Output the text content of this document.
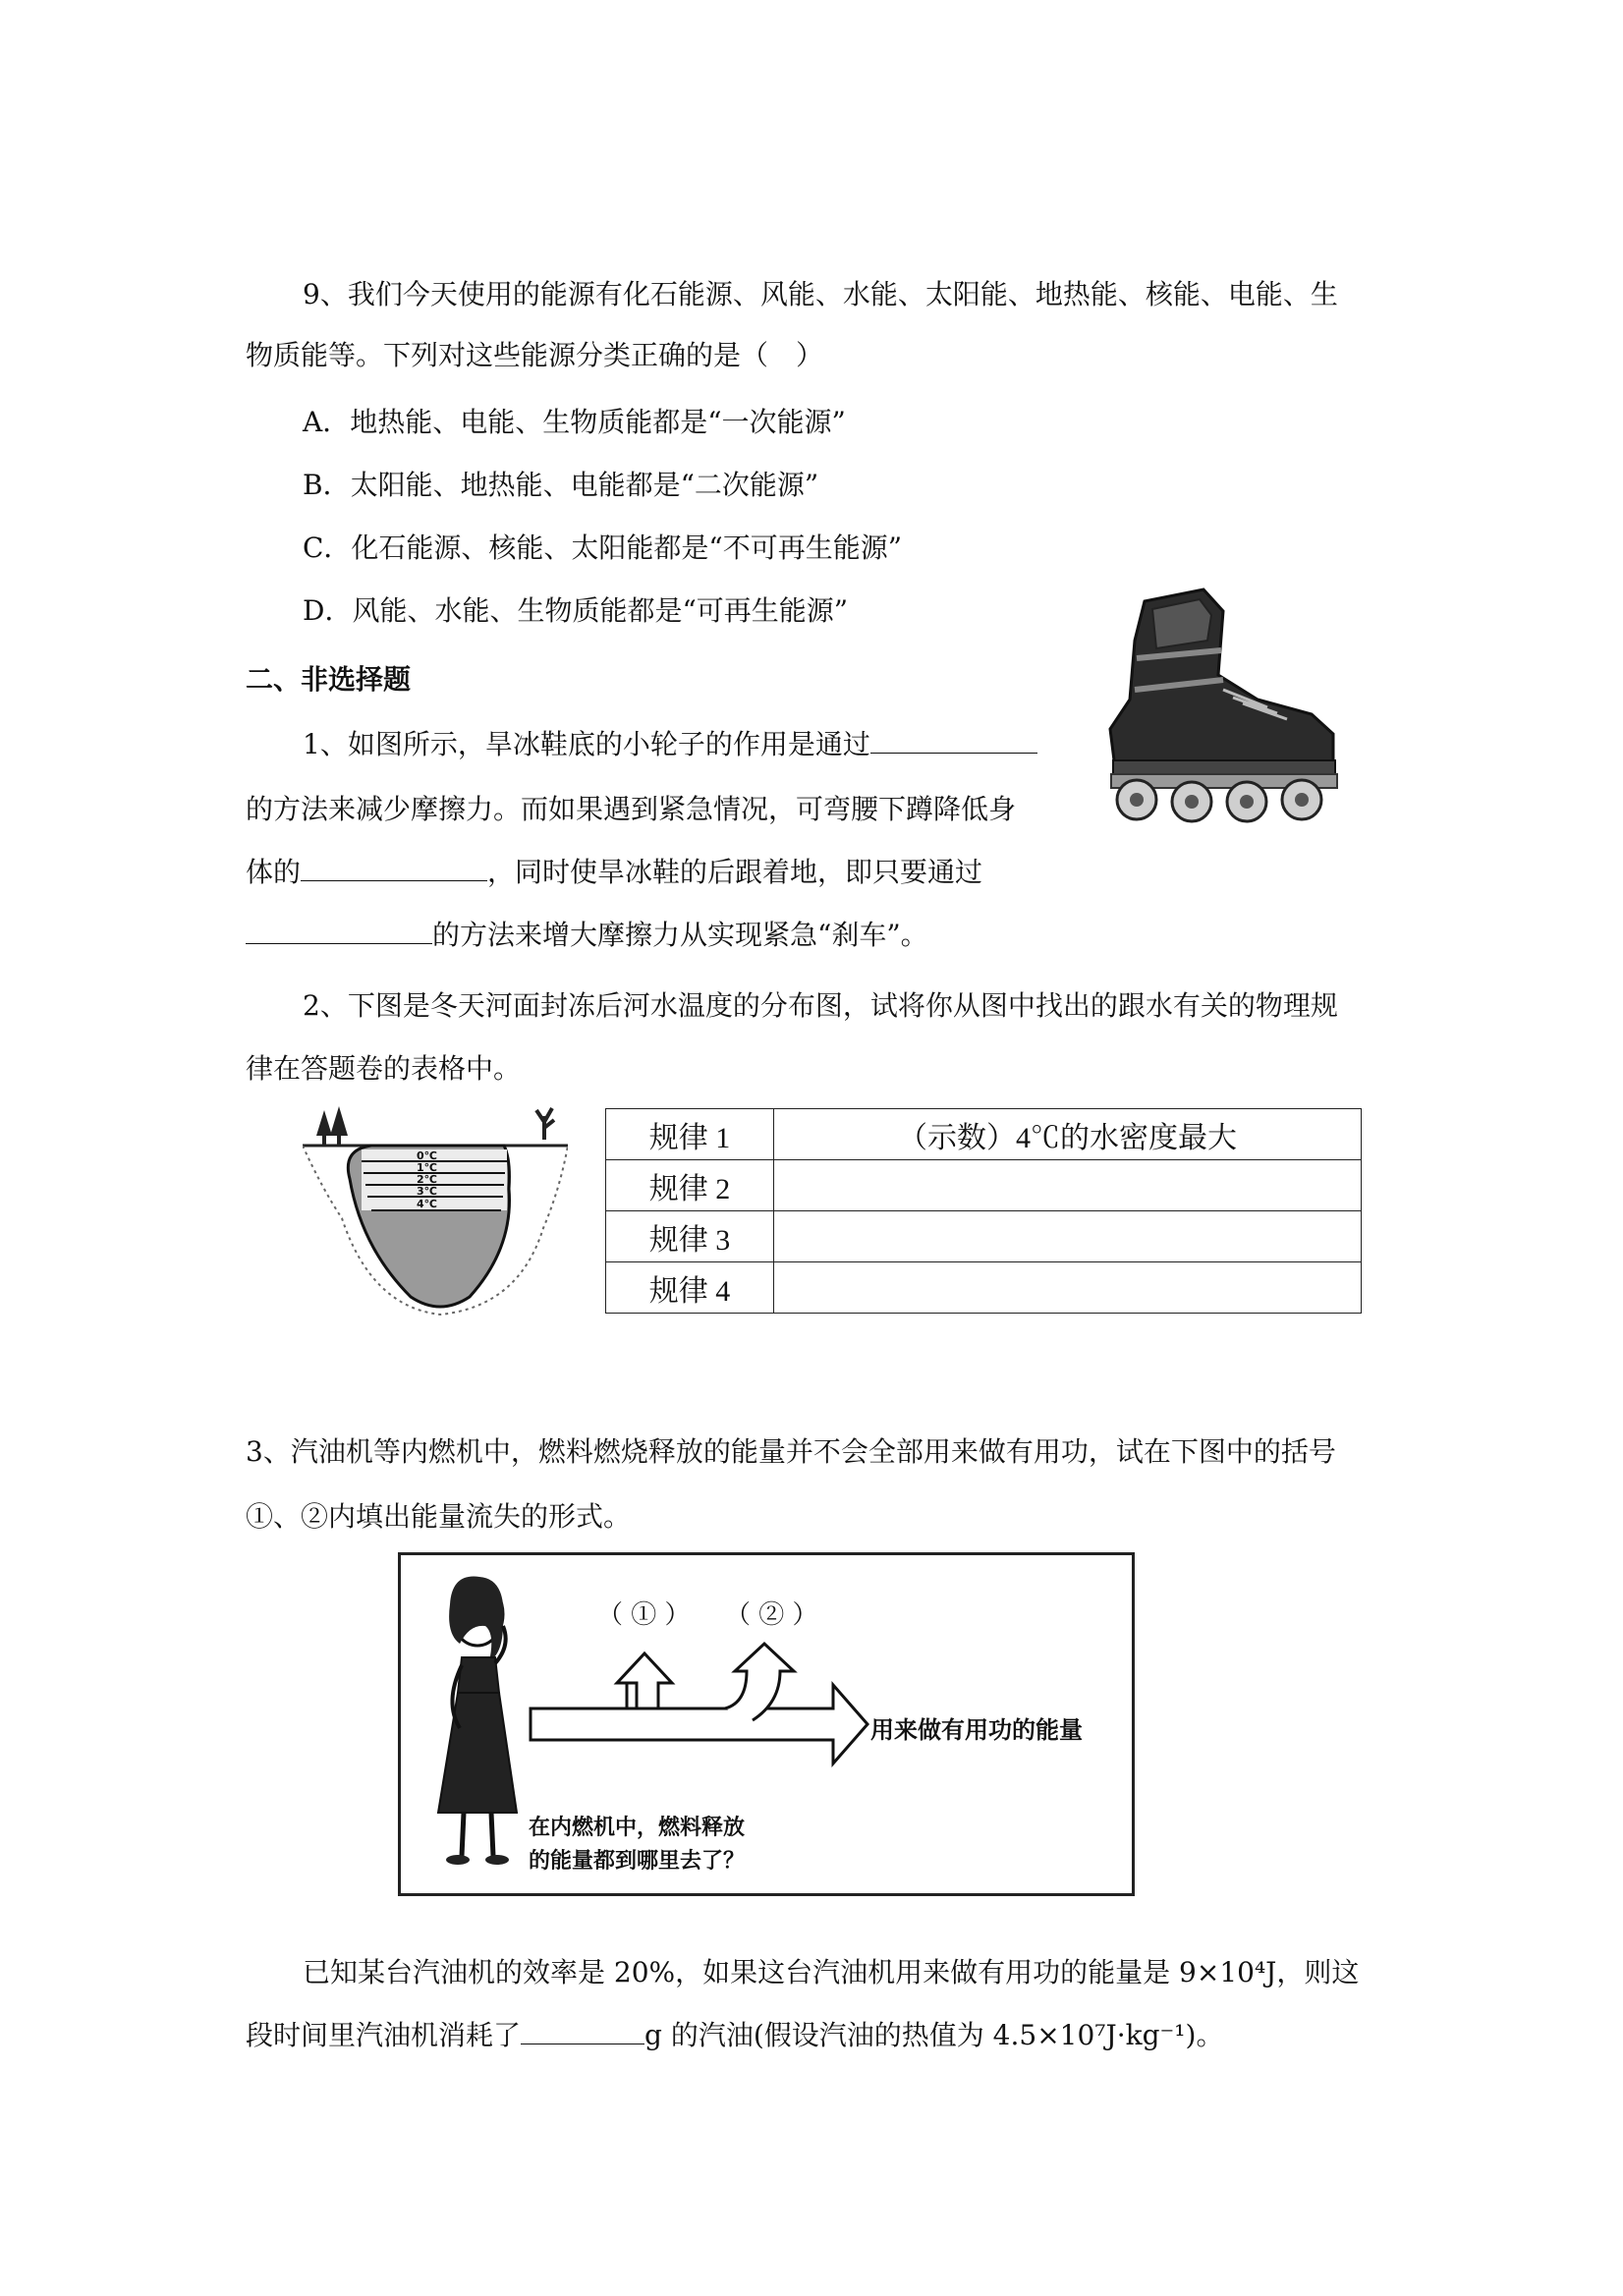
9、我们今天使用的能源有化石能源、风能、水能、太阳能、地热能、核能、电能、生
物质能等。下列对这些能源分类正确的是（　）
A．地热能、电能、生物质能都是“一次能源”
B．太阳能、地热能、电能都是“二次能源”
C．化石能源、核能、太阳能都是“不可再生能源”
D．风能、水能、生物质能都是“可再生能源”
二、非选择题
1、如图所示，旱冰鞋底的小轮子的作用是通过
的方法来减少摩擦力。而如果遇到紧急情况，可弯腰下蹲降低身
体的	，同时使旱冰鞋的后跟着地，即只要通过
的方法来增大摩擦力从实现紧急“刹车”。
2、下图是冬天河面封冻后河水温度的分布图，试将你从图中找出的跟水有关的物理规
律在答题卷的表格中。
0℃
1℃
2℃
3℃
4℃
规律 1	（示数）4℃的水密度最大
规律 2	
规律 3	
规律 4	
3、汽油机等内燃机中，燃料燃烧释放的能量并不会全部用来做有用功，试在下图中的括号
①、②内填出能量流失的形式。
（ ① ） （ ② ）
用来做有用功的能量
在内燃机中，燃料释放
的能量都到哪里去了？
已知某台汽油机的效率是 20%，如果这台汽油机用来做有用功的能量是 9×10⁴J，则这
段时间里汽油机消耗了	g 的汽油(假设汽油的热值为 4.5×10⁷J·kg⁻¹)。
